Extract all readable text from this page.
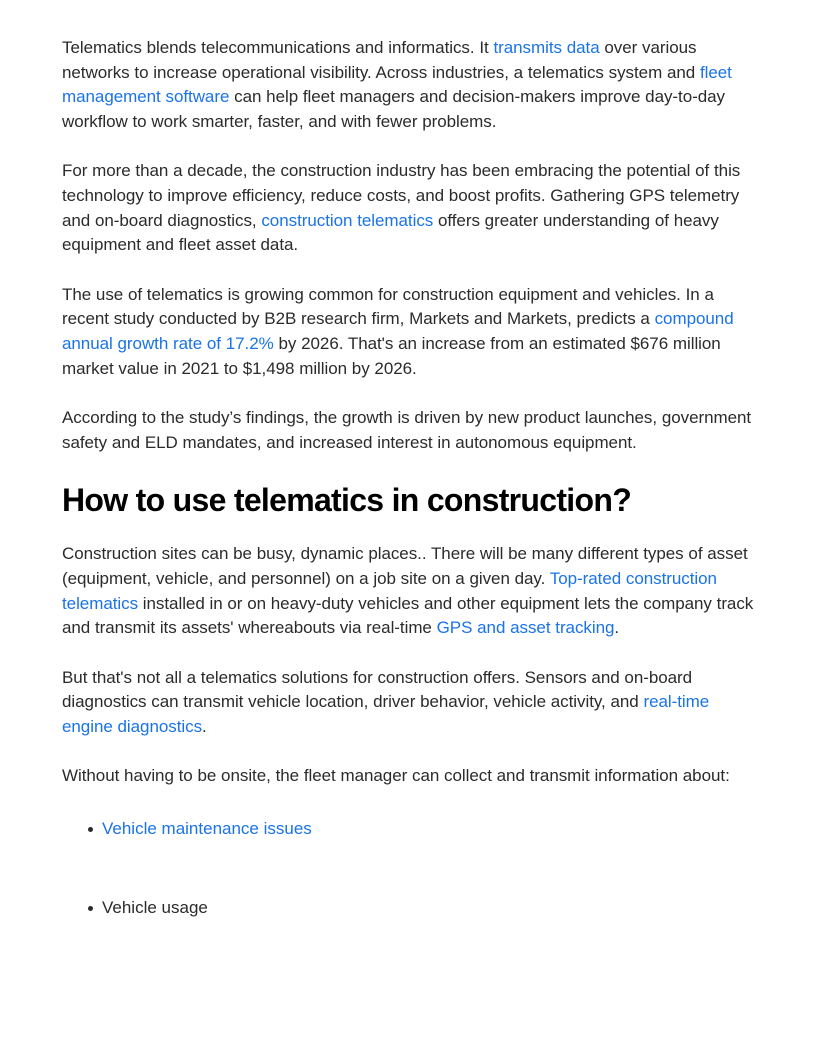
Telematics blends telecommunications and informatics. It transmits data over various networks to increase operational visibility. Across industries, a telematics system and fleet management software can help fleet managers and decision-makers improve day-to-day workflow to work smarter, faster, and with fewer problems.

For more than a decade, the construction industry has been embracing the potential of this technology to improve efficiency, reduce costs, and boost profits. Gathering GPS telemetry and on-board diagnostics, construction telematics offers greater understanding of heavy equipment and fleet asset data.

The use of telematics is growing common for construction equipment and vehicles. In a recent study conducted by B2B research firm, Markets and Markets, predicts a compound annual growth rate of 17.2% by 2026. That's an increase from an estimated $676 million market value in 2021 to $1,498 million by 2026.

According to the study’s findings, the growth is driven by new product launches, government safety and ELD mandates, and increased interest in autonomous equipment.

How to use telematics in construction?

Construction sites can be busy, dynamic places.. There will be many different types of asset (equipment, vehicle, and personnel) on a job site on a given day. Top-rated construction telematics installed in or on heavy-duty vehicles and other equipment lets the company track and transmit its assets' whereabouts via real-time GPS and asset tracking.

But that's not all a telematics solutions for construction offers. Sensors and on-board diagnostics can transmit vehicle location, driver behavior, vehicle activity, and real-time engine diagnostics.

Without having to be onsite, the fleet manager can collect and transmit information about:

Vehicle maintenance issues
Vehicle usage
